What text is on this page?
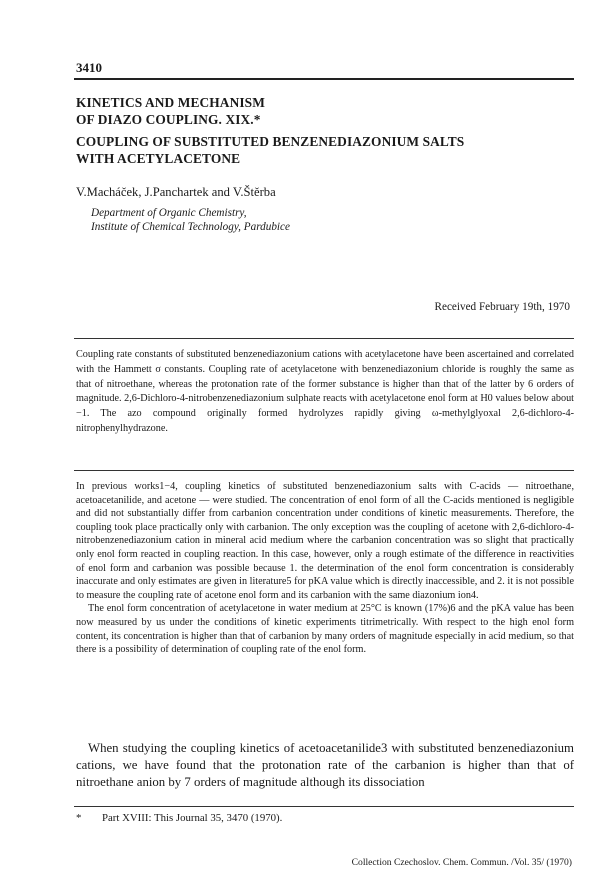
3410
KINETICS AND MECHANISM
OF DIAZO COUPLING. XIX.*
COUPLING OF SUBSTITUTED BENZENEDIAZONIUM SALTS
WITH ACETYLACETONE
V.Macháček, J.Panchartek and V.Štěrba
Department of Organic Chemistry,
Institute of Chemical Technology, Pardubice
Received February 19th, 1970
Coupling rate constants of substituted benzenediazonium cations with acetylacetone have been ascertained and correlated with the Hammett σ constants. Coupling rate of acetylacetone with benzenediazonium chloride is roughly the same as that of nitroethane, whereas the protonation rate of the former substance is higher than that of the latter by 6 orders of magnitude. 2,6-Dichloro-4-nitrobenzenediazonium sulphate reacts with acetylacetone enol form at H0 values below about −1. The azo compound originally formed hydrolyzes rapidly giving ω-methylglyoxal 2,6-dichloro-4-nitrophenylhydrazone.

In previous works1−4, coupling kinetics of substituted benzenediazonium salts with C-acids — nitroethane, acetoacetanilide, and acetone — were studied. The concentration of enol form of all the C-acids mentioned is negligible and did not substantially differ from carbanion concentration under conditions of kinetic measurements. Therefore, the coupling took place practically only with carbanion. The only exception was the coupling of acetone with 2,6-dichloro-4-nitrobenzenediazonium cation in mineral acid medium where the carbanion concentration was so slight that practically only enol form reacted in coupling reaction. In this case, however, only a rough estimate of the difference in reactivities of enol form and carbanion was possible because 1. the determination of the enol form concentration is considerably inaccurate and only estimates are given in literature5 for pKA value which is directly inaccessible, and 2. it is not possible to measure the coupling rate of acetone enol form and its carbanion with the same diazonium ion4.

The enol form concentration of acetylacetone in water medium at 25°C is known (17%)6 and the pKA value has been now measured by us under the conditions of kinetic experiments titrimetrically. With respect to the high enol form content, its concentration is higher than that of carbanion by many orders of magnitude especially in acid medium, so that there is a possibility of determination of coupling rate of the enol form.

When studying the coupling kinetics of acetoacetanilide3 with substituted benzenediazonium cations, we have found that the protonation rate of the carbanion is higher than that of nitroethane anion by 7 orders of magnitude although its dissociation

* Part XVIII: This Journal 35, 3470 (1970).
Collection Czechoslov. Chem. Commun. /Vol. 35/ (1970)
